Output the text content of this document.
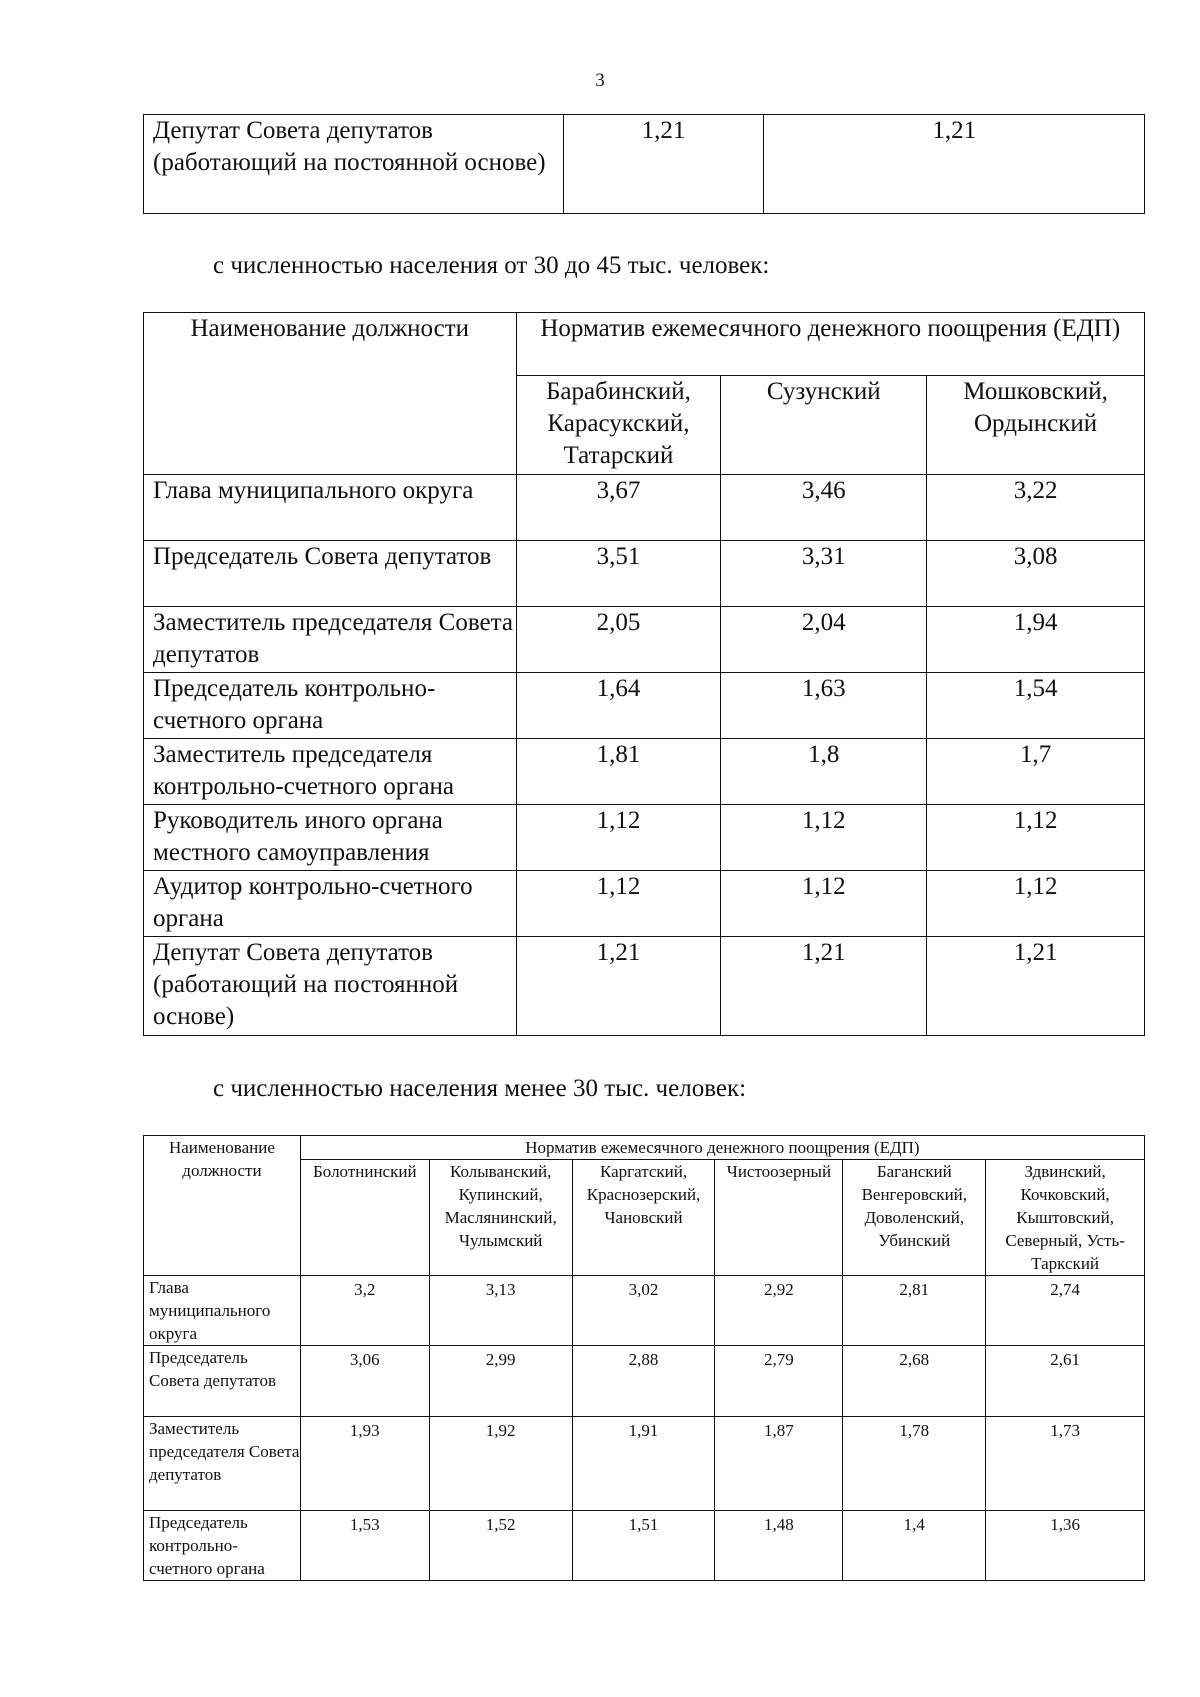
3
Депутат Совета депутатов (работающий на постоянной основе)	1,21	1,21
с численностью населения от 30 до 45 тыс. человек:
Наименование должности	Норматив ежемесячного денежного поощрения (ЕДП)		
	Барабинский, Карасукский, Татарский	Сузунский	Мошковский, Ордынский
Глава муниципального округа	3,67	3,46	3,22
Председатель Совета депутатов	3,51	3,31	3,08
Заместитель председателя Совета депутатов	2,05	2,04	1,94
Председатель контрольно-счетного органа	1,64	1,63	1,54
Заместитель председателя контрольно-счетного органа	1,81	1,8	1,7
Руководитель иного органа местного самоуправления	1,12	1,12	1,12
Аудитор контрольно-счетного органа	1,12	1,12	1,12
Депутат Совета депутатов (работающий на постоянной основе)	1,21	1,21	1,21
с численностью населения менее 30 тыс. человек:
Наименование должности	Норматив ежемесячного денежного поощрения (ЕДП)					
	Болотнинский	Колыванский, Купинский, Маслянинский, Чулымский	Каргатский, Краснозерский, Чановский	Чистоозерный	Баганский Венгеровский, Доволенский, Убинский	Здвинский, Кочковский, Кыштовский, Северный, Усть-Таркский
Глава муниципального округа	3,2	3,13	3,02	2,92	2,81	2,74
Председатель Совета депутатов	3,06	2,99	2,88	2,79	2,68	2,61
Заместитель председателя Совета депутатов	1,93	1,92	1,91	1,87	1,78	1,73
Председатель контрольно-счетного органа	1,53	1,52	1,51	1,48	1,4	1,36
